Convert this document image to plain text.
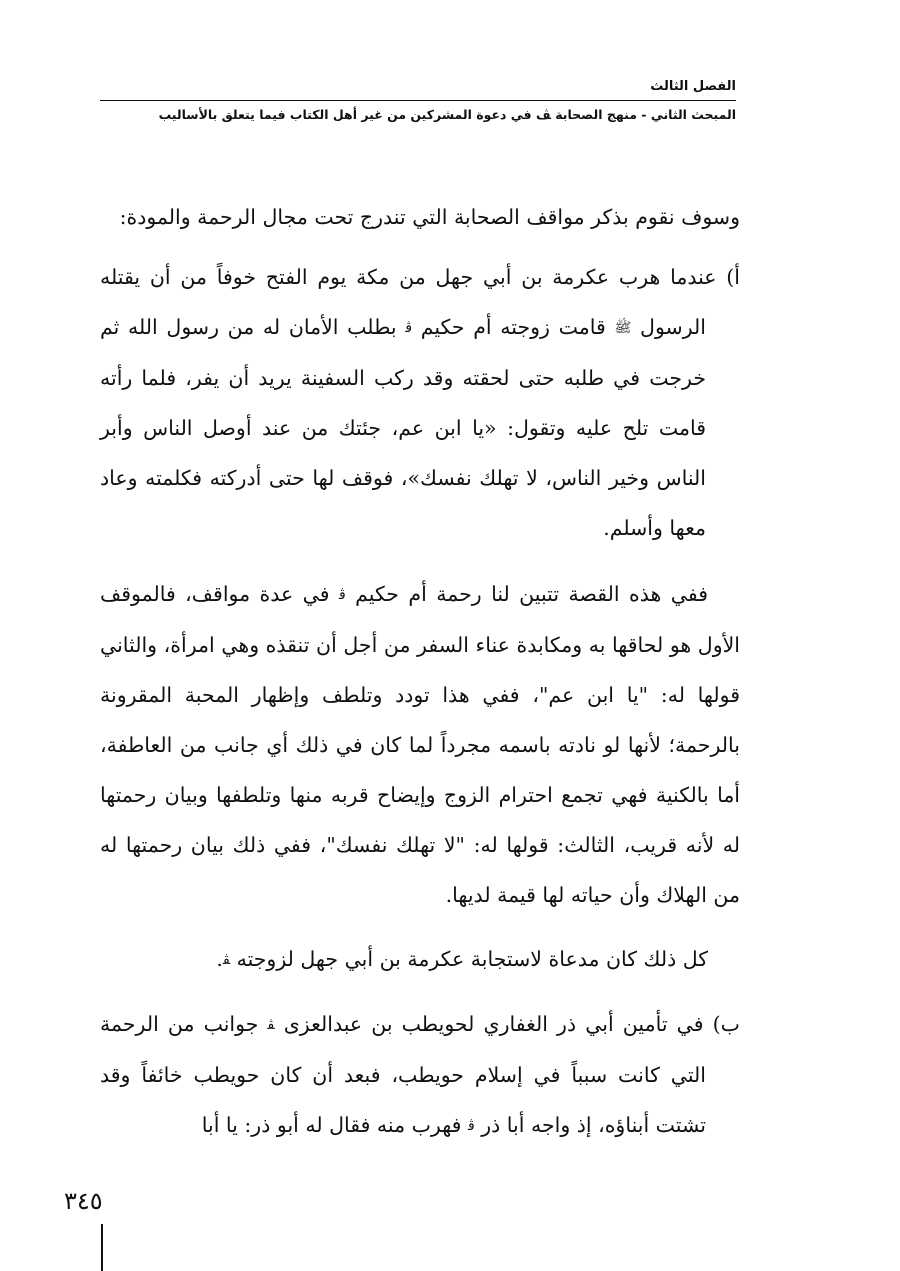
الفصل الثالث
المبحث الثاني - منهج الصحابة ﭫ في دعوة المشركين من غير أهل الكتاب فيما يتعلق بالأساليب

وسوف نقوم بذكر مواقف الصحابة التي تندرج تحت مجال الرحمة والمودة:

أ) عندما هرب عكرمة بن أبي جهل من مكة يوم الفتح خوفاً من أن يقتله الرسول ﷺ قامت زوجته أم حكيم ﭬ بطلب الأمان له من رسول الله ثم خرجت في طلبه حتى لحقته وقد ركب السفينة يريد أن يفر، فلما رأته قامت تلح عليه وتقول: «يا ابن عم، جئتك من عند أوصل الناس وأبر الناس وخير الناس، لا تهلك نفسك»، فوقف لها حتى أدركته فكلمته وعاد معها وأسلم.

ففي هذه القصة تتبين لنا رحمة أم حكيم ﭬ في عدة مواقف، فالموقف الأول هو لحاقها به ومكابدة عناء السفر من أجل أن تنقذه وهي امرأة، والثاني قولها له: "يا ابن عم"، ففي هذا تودد وتلطف وإظهار المحبة المقرونة بالرحمة؛ لأنها لو نادته باسمه مجرداً لما كان في ذلك أي جانب من العاطفة، أما بالكنية فهي تجمع احترام الزوج وإيضاح قربه منها وتلطفها وبيان رحمتها له لأنه قريب، الثالث: قولها له: "لا تهلك نفسك"، ففي ذلك بيان رحمتها له من الهلاك وأن حياته لها قيمة لديها.

كل ذلك كان مدعاة لاستجابة عكرمة بن أبي جهل لزوجته ﭭ.

ب) في تأمين أبي ذر الغفاري لحويطب بن عبدالعزى ﭭ جوانب من الرحمة التي كانت سبباً في إسلام حويطب، فبعد أن كان حويطب خائفاً وقد تشتت أبناؤه، إذ واجه أبا ذر ﭬ فهرب منه فقال له أبو ذر: يا أبا

٣٤٥
